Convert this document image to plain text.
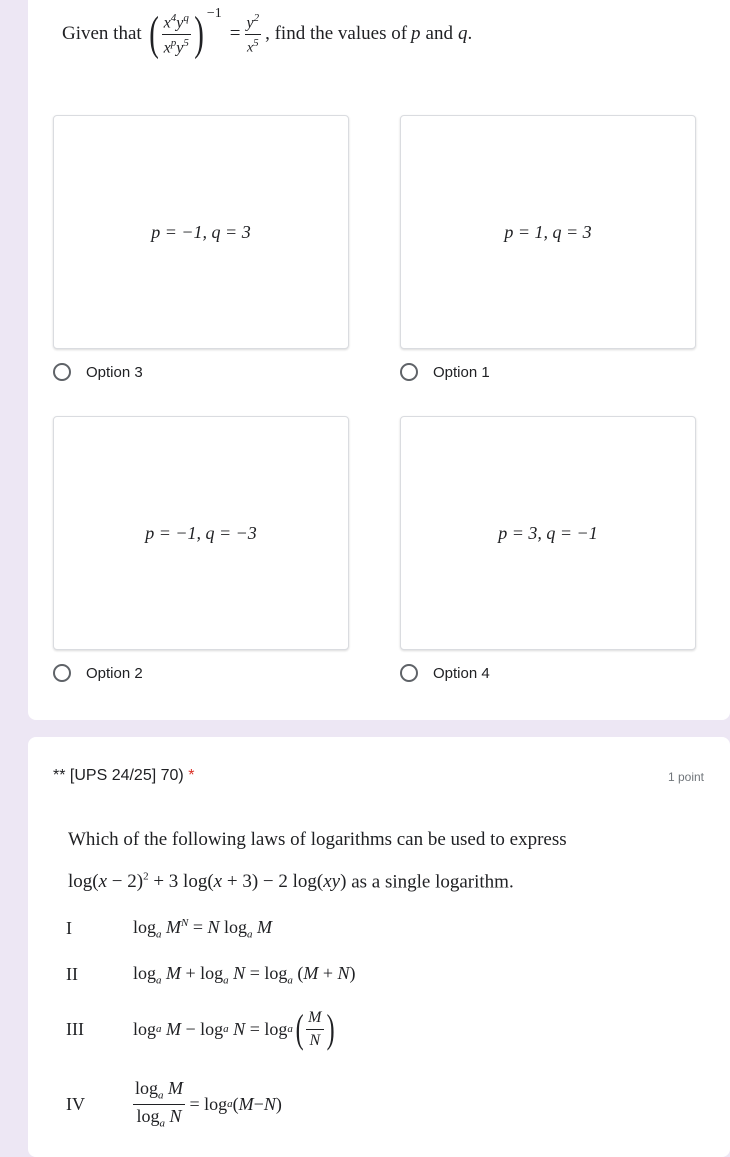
Given that ( $\frac{x^4y^q}{x^py^5}$ ) −1
= $\frac{y^2}{x^5}$ , find the values of p and q .
p = −1, q = 3	p = 1, q = 3
Option 3	Option 1
p = −1, q = −3	p = 3, q = −1
Option 2	Option 4
** [UPS 24/25] 70) *	1 point
Which of the following laws of logarithms can be used to express
$\log(x - 2)^2 + 3$ log(x + 3) − 2 log(xy) as a single logarithm.
I	$\log_a M^N = N$ $\log_a M$
II	$\log_a M + \log_a N = \log_a (M + N)$
III	log a
M − log a
N = log a ( $\frac{M}{N}$ )
IV	$\frac{\log_a M}{\log_a N} = \log a$ ( M − N )
